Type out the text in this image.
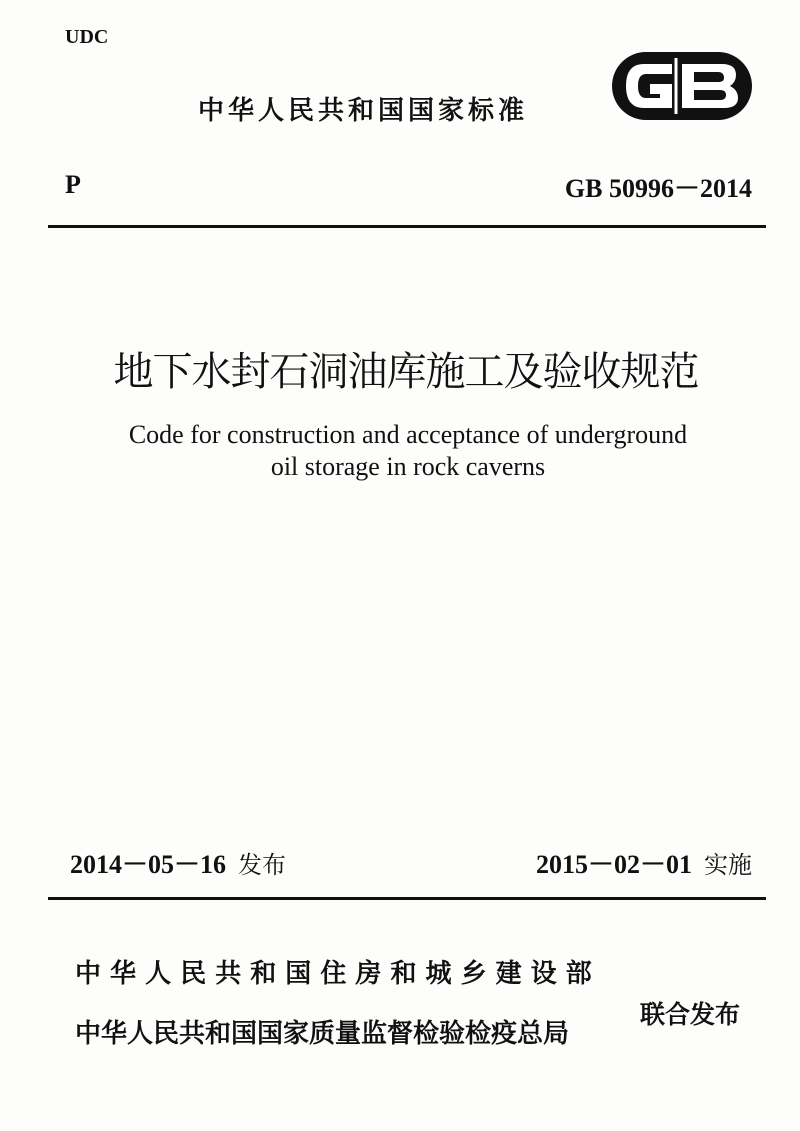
UDC
中华人民共和国国家标准
P	GB 50996－2014
地下水封石洞油库施工及验收规范
Code for construction and acceptance of underground
oil storage in rock caverns
2014－05－16 发布	2015－02－01 实施
中 华 人 民 共 和 国 住 房 和 城 乡 建 设 部
中华人民共和国国家质量监督检验检疫总局
联合发布
